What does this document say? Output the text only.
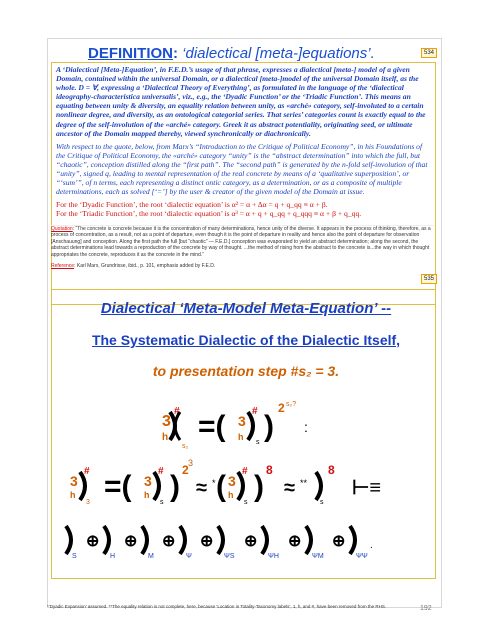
DEFINITION: ‘dialectical [meta-]equations’.	534

A ‘Dialectical [Meta-]Equation’, in F.E.D.’s usage of that phrase, expresses a dialectical [meta-] model of a given Domain, contained within the universal Domain, or a dialectical [meta-]model of the universal Domain itself, as the whole. D = ∀, expressing a ‘Dialectical Theory of Everything’, as formulated in the language of the ‘dialectical ideography-characteristica universalis’, viz., e.g., the ‘Dyadic Function’ or the ‘Triadic Function’. This means an equating between unity & diversity, an equality relation between unity, as «arché» category, self-involuted to a certain nonlinear degree, and diversity, as an ontological categorial series. That series’ categories count is exactly equal to the degree of the self-involution of the «arché» category. Greek it as abstract potentiality, originating seed, or ultimate ancestor of the Domain mapped thereby, viewed synchronically or diachronically.

With respect to the quote, below, from Marx’s “Introduction to the Critique of Political Economy”, in his Foundations of the Critique of Political Economy, the «arché» category “unity” is the “abstract determination” into which the full, but “chaotic”, conception distilled along the “first path”. The “second path” is generated by the n-fold self-involution of that “unity”, signed q, leading to mental representation of the real concrete by means of a ‘qualitative superposition’, or “‘sum’”, of n terms, each representing a distinct ontic category, as a determination, or as a composite of multiple determinations, each as solved [‘=’] by the user & creator of the given model of the Domain at issue.

For the ‘Dyadic Function’, the root ‘dialectic equation’ is α² = α + Δα = q + q_qq ≡ α + β.

For the ‘Triadic Function’, the root ‘dialectic equation’ is α³ = α + q + q_qq + q_qqq ≡ α + β + q_qq.

Quotation: “The concrete is concrete because it is the concentration of many determinations, hence unity of the diverse. It appears in the process of thinking, therefore, as a process of concentration, as a result, not as a point of departure, even though it is the point of departure in reality and hence also the point of departure for observation [Anschauung] and conception. Along the first path the full [but “chaotic” — F.E.D.] conception was evaporated to yield an abstract determination; along the second, the abstract determinations lead towards a reproduction of the concrete by way of thought. ...the method of rising from the abstract to the concrete is...the way in which thought appropriates the concrete, reproduces it as the concrete in the mind.”
Reference: Karl Marx, Grundrisse, ibid., p. 101, emphasis added by F.E.D.
535
Dialectical ‘Meta-Model Meta-Equation’ --
The Systematic Dialectic of the Dialectic Itself,
to presentation step #s₂ = 3.
3
h
#
s₂
=( 3
h
#
s )
2 s₂?
:
3
h
#
3 =( 3
h
#
s ) 2 3
≈ * ( 3
h
#
s ) 8
≈ **
s
8
⊢≡
S
⊕
H
⊕
M
⊕
Ψ
⊕
ΨS
⊕
ΨH
⊕
ΨM
⊕
ΨΨ
.
*‘Dyadic Expansion’ assumed. **The equality relation is not complete, here, because ‘Location in Totality-Taxonomy labels’, 1, h, and #, have been removed from the RHS.	192
